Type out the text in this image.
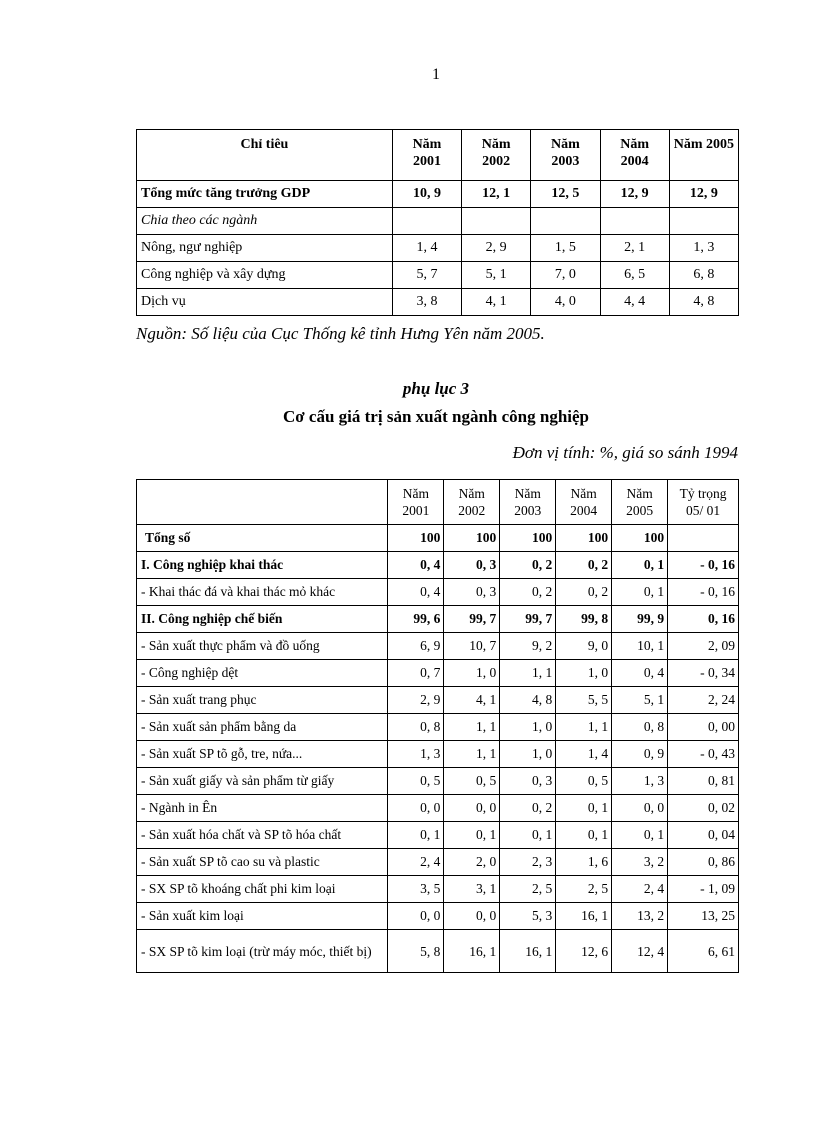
1
Chỉ tiêu	Năm 2001	Năm 2002	Năm 2003	Năm 2004	Năm 2005
Tổng mức tăng trưởng GDP	10, 9	12, 1	12, 5	12, 9	12, 9
Chia theo các ngành					
Nông, ngư nghiệp	1, 4	2, 9	1, 5	2, 1	1, 3
Công nghiệp và xây dựng	5, 7	5, 1	7, 0	6, 5	6, 8
Dịch vụ	3, 8	4, 1	4, 0	4, 4	4, 8
Nguồn: Số liệu của Cục Thống kê tỉnh Hưng Yên năm 2005.
phụ lục 3
Cơ cấu giá trị sản xuất ngành công nghiệp
Đơn vị tính: %, giá so sánh 1994
	Năm 2001	Năm 2002	Năm 2003	Năm 2004	Năm 2005	Tỷ trọng 05/ 01
Tổng số	100	100	100	100	100	
I. Công nghiệp khai thác	0, 4	0, 3	0, 2	0, 2	0, 1	- 0, 16
- Khai thác đá và khai thác mỏ khác	0, 4	0, 3	0, 2	0, 2	0, 1	- 0, 16
II. Công nghiệp chế biến	99, 6	99, 7	99, 7	99, 8	99, 9	0, 16
- Sản xuất thực phẩm và đồ uống	6, 9	10, 7	9, 2	9, 0	10, 1	2, 09
- Công nghiệp dệt	0, 7	1, 0	1, 1	1, 0	0, 4	- 0, 34
- Sản xuất trang phục	2, 9	4, 1	4, 8	5, 5	5, 1	2, 24
- Sản xuất sản phẩm bằng da	0, 8	1, 1	1, 0	1, 1	0, 8	0, 00
- Sản xuất SP tõ gỗ, tre, nứa...	1, 3	1, 1	1, 0	1, 4	0, 9	- 0, 43
- Sản xuất giấy và sản phẩm từ giấy	0, 5	0, 5	0, 3	0, 5	1, 3	0, 81
- Ngành in Ên	0, 0	0, 0	0, 2	0, 1	0, 0	0, 02
- Sản xuất hóa chất và SP tõ hóa chất	0, 1	0, 1	0, 1	0, 1	0, 1	0, 04
- Sản xuất SP tõ cao su và plastic	2, 4	2, 0	2, 3	1, 6	3, 2	0, 86
- SX SP tõ khoáng chất phi kim loại	3, 5	3, 1	2, 5	2, 5	2, 4	- 1, 09
- Sản xuất kim loại	0, 0	0, 0	5, 3	16, 1	13, 2	13, 25
- SX SP tõ kim loại (trừ máy móc, thiết bị)	5, 8	16, 1	16, 1	12, 6	12, 4	6, 61
